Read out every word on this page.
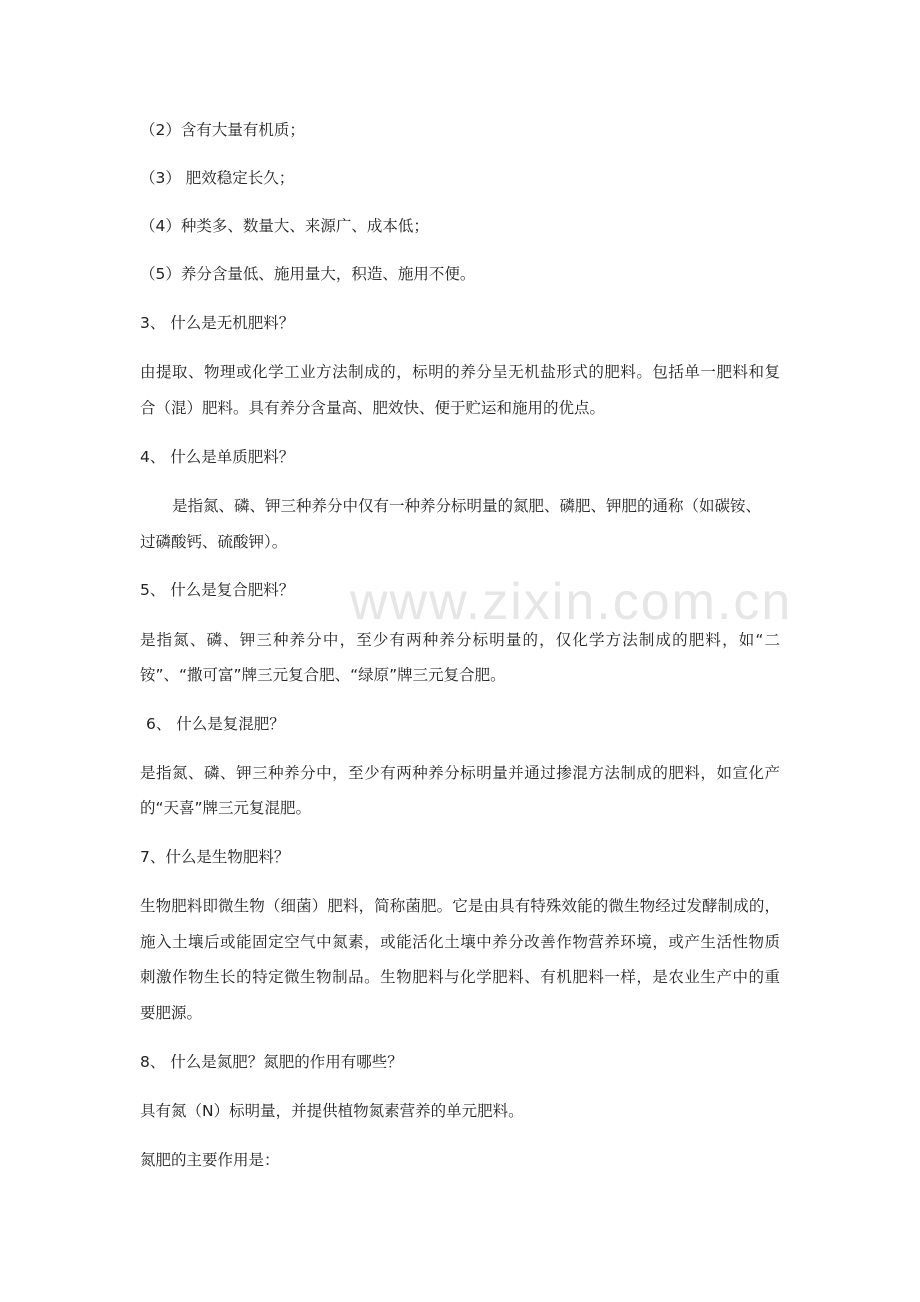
www.zixin.com.cn
（2）含有大量有机质；
（3） 肥效稳定长久；
（4）种类多、数量大、来源广、成本低；
（5）养分含量低、施用量大，积造、施用不便。
3、 什么是无机肥料？
由提取、物理或化学工业方法制成的，标明的养分呈无机盐形式的肥料。包括单一肥料和复
合（混）肥料。具有养分含量高、肥效快、便于贮运和施用的优点。
4、 什么是单质肥料？
是指氮、磷、钾三种养分中仅有一种养分标明量的氮肥、磷肥、钾肥的通称（如碳铵、
过磷酸钙、硫酸钾）。
5、 什么是复合肥料？
是指氮、磷、钾三种养分中，至少有两种养分标明量的，仅化学方法制成的肥料，如“二
铵”、“撒可富”牌三元复合肥、“绿原”牌三元复合肥。
6、 什么是复混肥？
是指氮、磷、钾三种养分中，至少有两种养分标明量并通过掺混方法制成的肥料，如宣化产
的“天喜”牌三元复混肥。
7、什么是生物肥料？
生物肥料即微生物（细菌）肥料，简称菌肥。它是由具有特殊效能的微生物经过发酵制成的，
施入土壤后或能固定空气中氮素，或能活化土壤中养分改善作物营养环境，或产生活性物质
刺激作物生长的特定微生物制品。生物肥料与化学肥料、有机肥料一样，是农业生产中的重
要肥源。
8、 什么是氮肥？氮肥的作用有哪些？
具有氮（N）标明量，并提供植物氮素营养的单元肥料。
氮肥的主要作用是：
